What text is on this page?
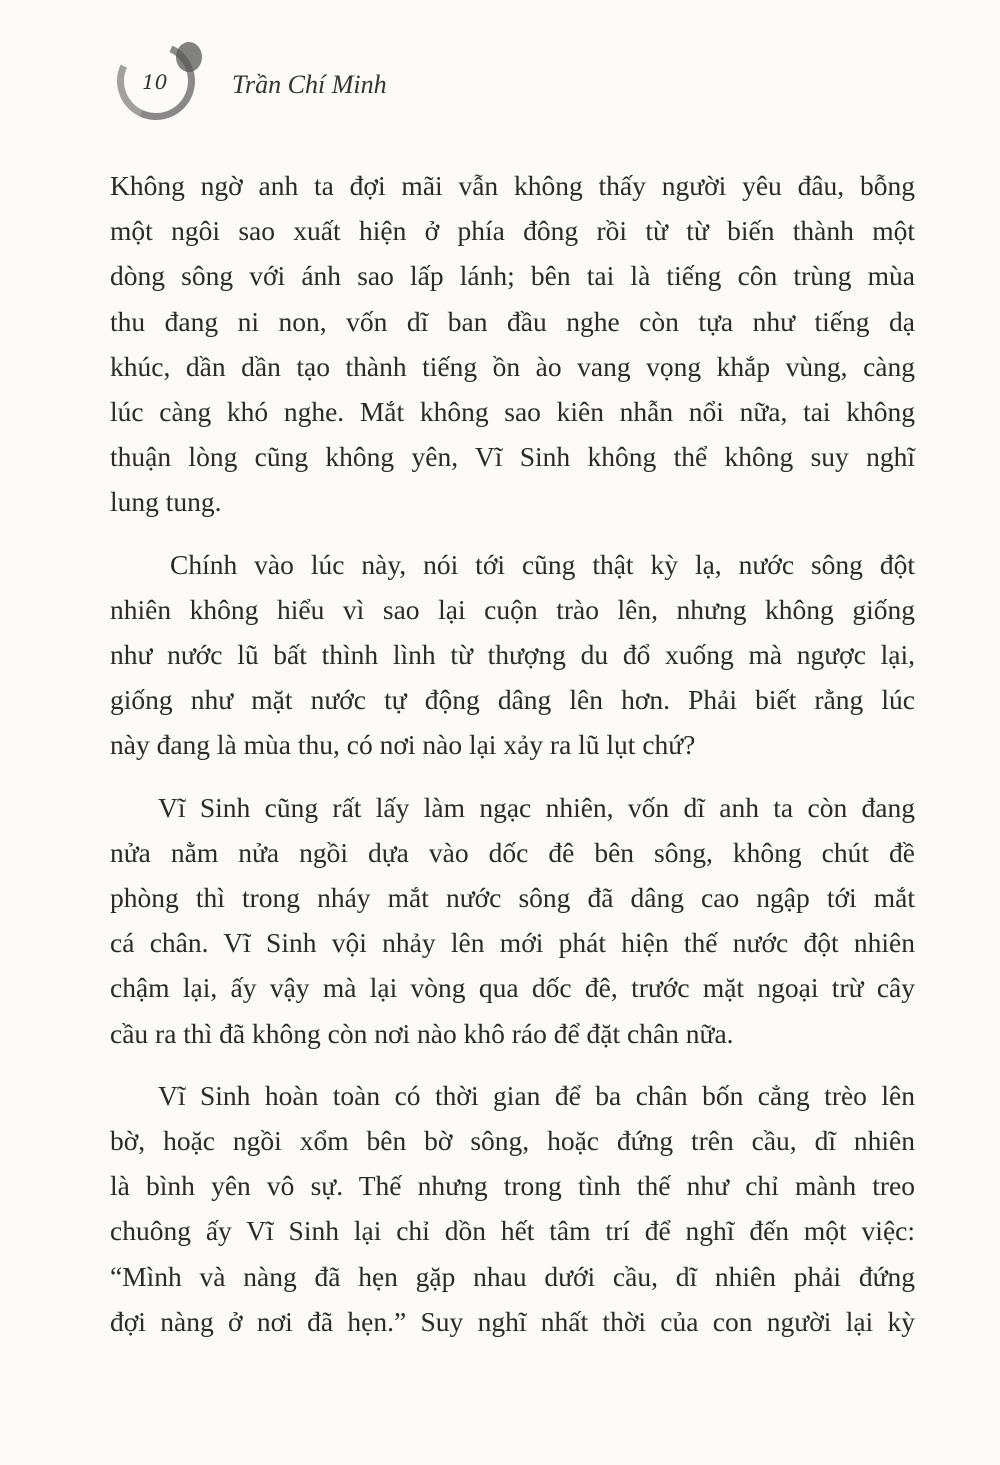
10 Trần Chí Minh
Không ngờ anh ta đợi mãi vẫn không thấy người yêu đâu, bỗng
một ngôi sao xuất hiện ở phía đông rồi từ từ biến thành một
dòng sông với ánh sao lấp lánh; bên tai là tiếng côn trùng mùa
thu đang ni non, vốn dĩ ban đầu nghe còn tựa như tiếng dạ
khúc, dần dần tạo thành tiếng ồn ào vang vọng khắp vùng, càng
lúc càng khó nghe. Mắt không sao kiên nhẫn nổi nữa, tai không
thuận lòng cũng không yên, Vĩ Sinh không thể không suy nghĩ
lung tung.
Chính vào lúc này, nói tới cũng thật kỳ lạ, nước sông đột
nhiên không hiểu vì sao lại cuộn trào lên, nhưng không giống
như nước lũ bất thình lình từ thượng du đổ xuống mà ngược lại,
giống như mặt nước tự động dâng lên hơn. Phải biết rằng lúc
này đang là mùa thu, có nơi nào lại xảy ra lũ lụt chứ?
Vĩ Sinh cũng rất lấy làm ngạc nhiên, vốn dĩ anh ta còn đang
nửa nằm nửa ngồi dựa vào dốc đê bên sông, không chút đề
phòng thì trong nháy mắt nước sông đã dâng cao ngập tới mắt
cá chân. Vĩ Sinh vội nhảy lên mới phát hiện thế nước đột nhiên
chậm lại, ấy vậy mà lại vòng qua dốc đê, trước mặt ngoại trừ cây
cầu ra thì đã không còn nơi nào khô ráo để đặt chân nữa.
Vĩ Sinh hoàn toàn có thời gian để ba chân bốn cẳng trèo lên
bờ, hoặc ngồi xổm bên bờ sông, hoặc đứng trên cầu, dĩ nhiên
là bình yên vô sự. Thế nhưng trong tình thế như chỉ mành treo
chuông ấy Vĩ Sinh lại chỉ dồn hết tâm trí để nghĩ đến một việc:
“Mình và nàng đã hẹn gặp nhau dưới cầu, dĩ nhiên phải đứng
đợi nàng ở nơi đã hẹn.” Suy nghĩ nhất thời của con người lại kỳ
